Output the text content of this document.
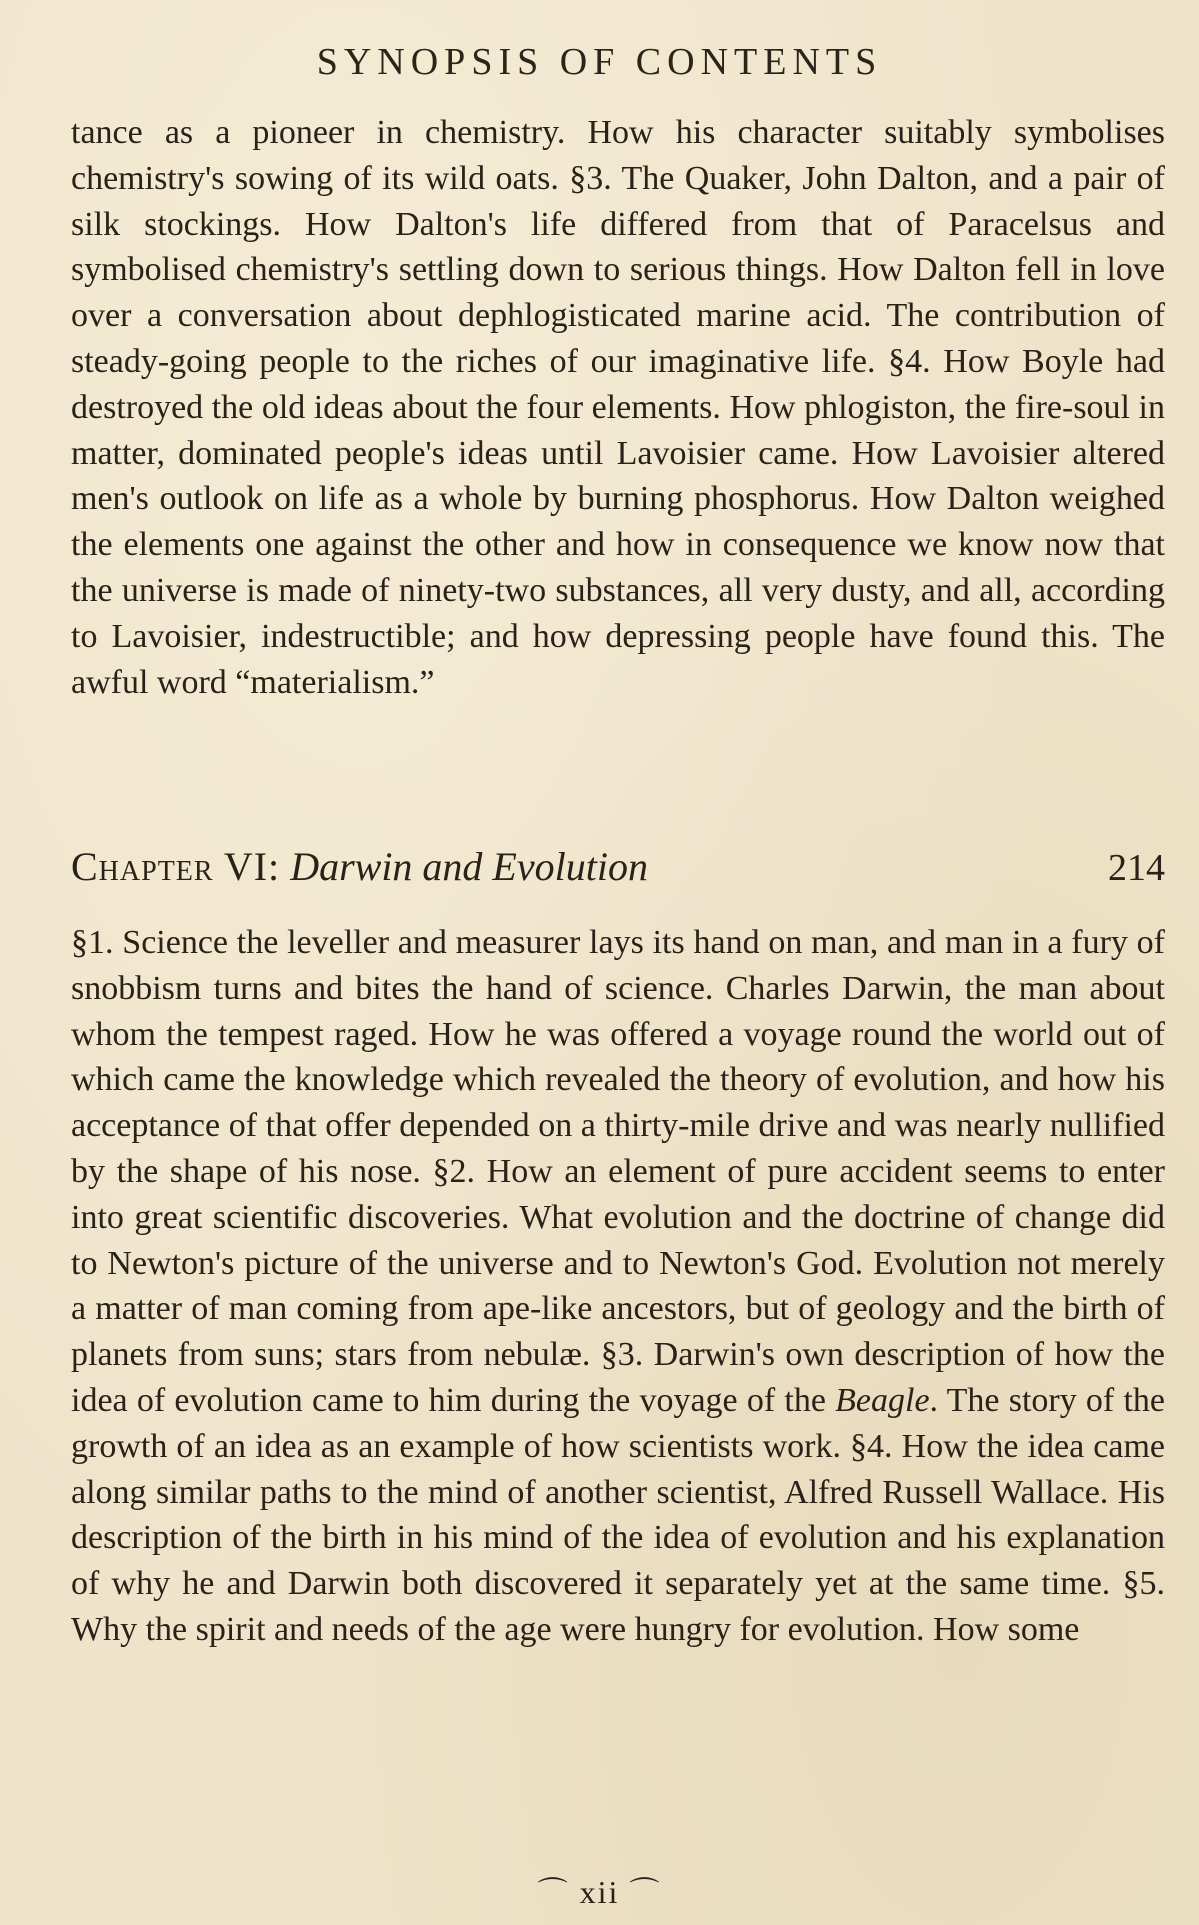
SYNOPSIS OF CONTENTS

tance as a pioneer in chemistry. How his character suitably symbolises chemistry's sowing of its wild oats. §3. The Quaker, John Dalton, and a pair of silk stockings. How Dalton's life differed from that of Paracelsus and symbolised chemistry's settling down to serious things. How Dalton fell in love over a conversation about dephlogisticated marine acid. The contribution of steady-going people to the riches of our imaginative life. §4. How Boyle had destroyed the old ideas about the four elements. How phlogiston, the fire-soul in matter, dominated people's ideas until Lavoisier came. How Lavoisier altered men's outlook on life as a whole by burning phosphorus. How Dalton weighed the elements one against the other and how in consequence we know now that the universe is made of ninety-two substances, all very dusty, and all, according to Lavoisier, indestructible; and how depressing people have found this. The awful word “materialism.”

Chapter VI: Darwin and Evolution	214

§1. Science the leveller and measurer lays its hand on man, and man in a fury of snobbism turns and bites the hand of science. Charles Darwin, the man about whom the tempest raged. How he was offered a voyage round the world out of which came the knowledge which revealed the theory of evolution, and how his acceptance of that offer depended on a thirty-mile drive and was nearly nullified by the shape of his nose. §2. How an element of pure accident seems to enter into great scientific discoveries. What evolution and the doctrine of change did to Newton's picture of the universe and to Newton's God. Evolution not merely a matter of man coming from ape-like ancestors, but of geology and the birth of planets from suns; stars from nebulæ. §3. Darwin's own description of how the idea of evolution came to him during the voyage of the Beagle. The story of the growth of an idea as an example of how scientists work. §4. How the idea came along similar paths to the mind of another scientist, Alfred Russell Wallace. His description of the birth in his mind of the idea of evolution and his explanation of why he and Darwin both discovered it separately yet at the same time. §5. Why the spirit and needs of the age were hungry for evolution. How some

⌒ xii ⌒
